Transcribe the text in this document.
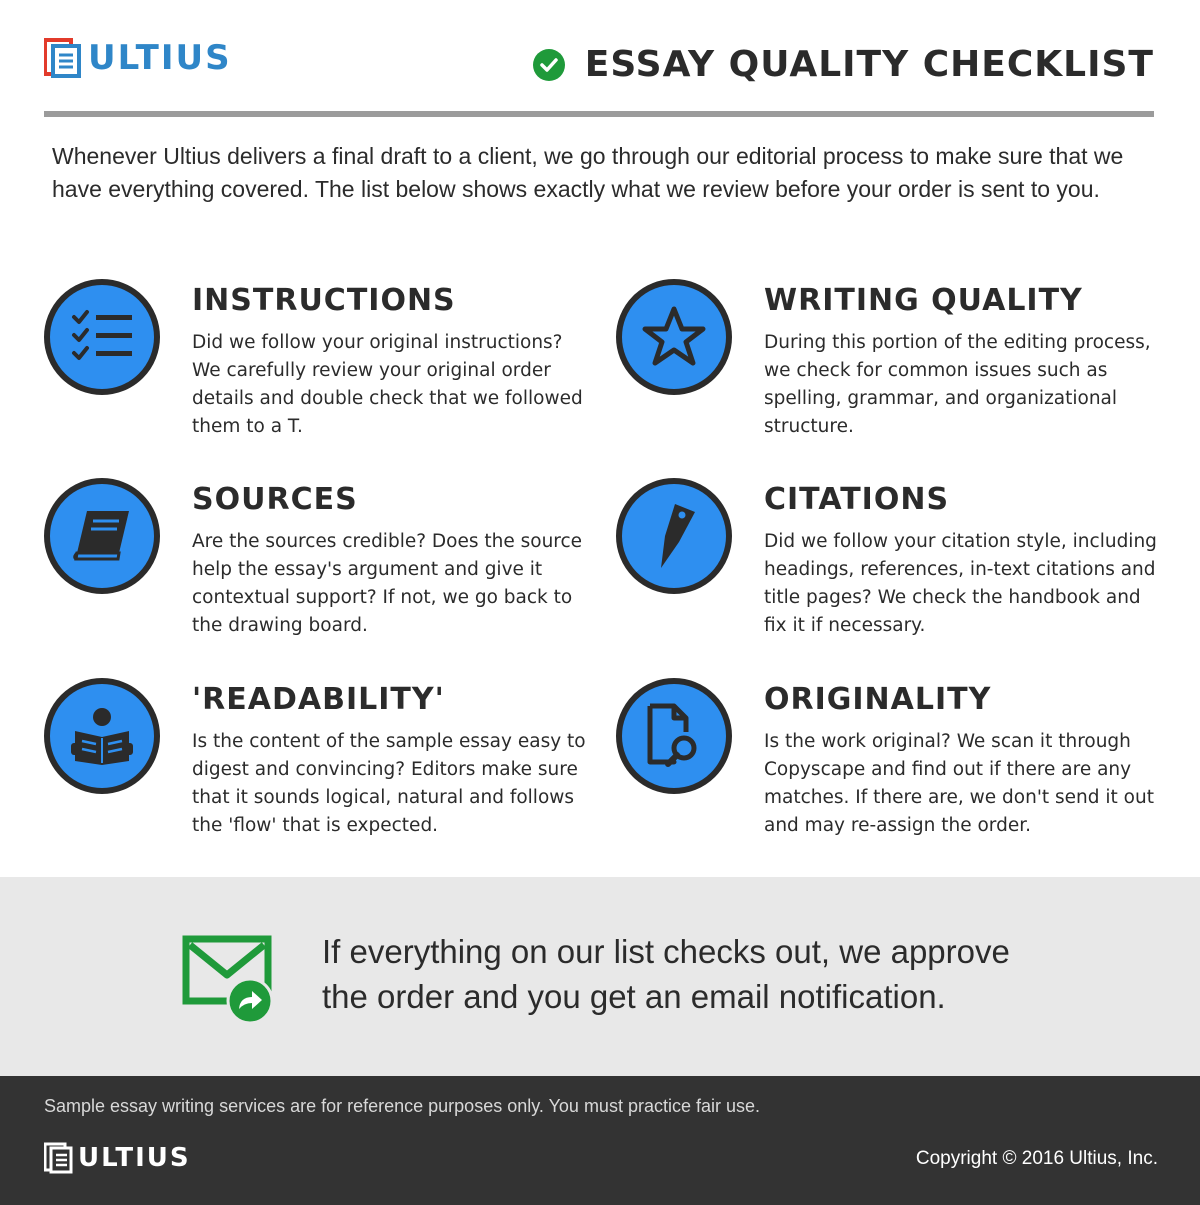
ULTIUS	ESSAY QUALITY CHECKLIST
Whenever Ultius delivers a final draft to a client, we go through our editorial process to make sure that we have everything covered. The list below shows exactly what we review before your order is sent to you.
INSTRUCTIONS

Did we follow your original instructions? We carefully review your original order details and double check that we followed them to a T.

WRITING QUALITY

During this portion of the editing process, we check for common issues such as spelling, grammar, and organizational structure.

SOURCES

Are the sources credible? Does the source help the essay's argument and give it contextual support? If not, we go back to the drawing board.

CITATIONS

Did we follow your citation style, including headings, references, in-text citations and title pages? We check the handbook and fix it if necessary.

'READABILITY'

Is the content of the sample essay easy to digest and convincing? Editors make sure that it sounds logical, natural and follows the 'flow' that is expected.

ORIGINALITY

Is the work original? We scan it through Copyscape and find out if there are any matches. If there are, we don't send it out and may re-assign the order.

If everything on our list checks out, we approve the order and you get an email notification.
Sample essay writing services are for reference purposes only. You must practice fair use.
ULTIUS	Copyright © 2016 Ultius, Inc.
